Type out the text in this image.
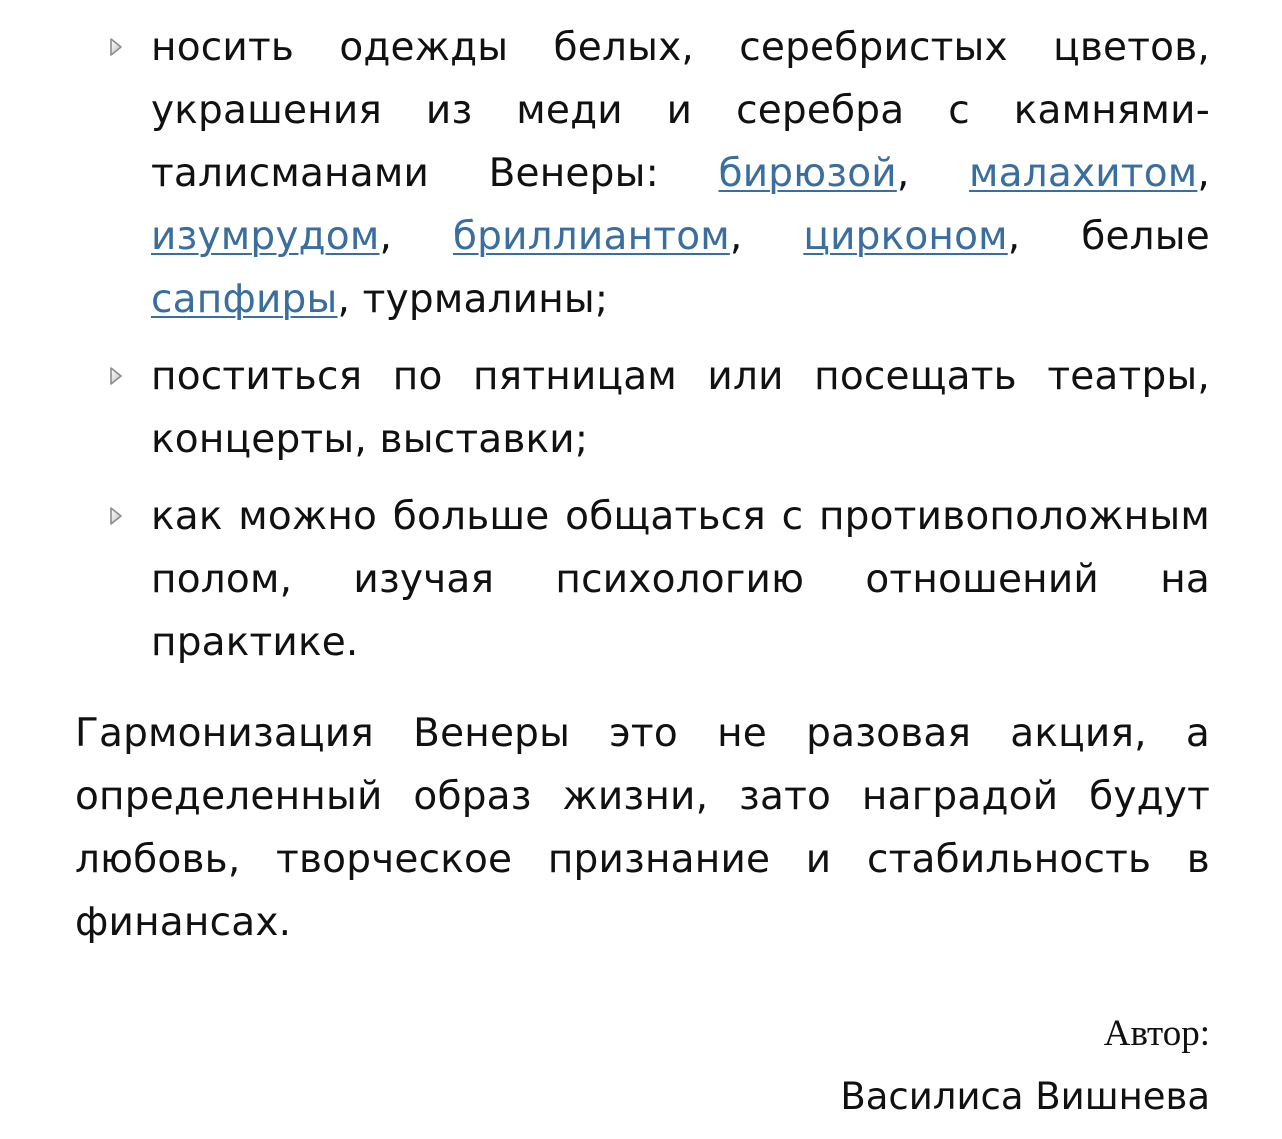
носить одежды белых, серебристых цветов, украшения из меди и серебра с камнями-талисманами Венеры: бирюзой, малахитом, изумрудом, бриллиантом, цирконом, белые сапфиры, турмалины;
поститься по пятницам или посещать театры, концерты, выставки;
как можно больше общаться с противоположным полом, изучая психологию отношений на практике.

Гармонизация Венеры это не разовая акция, а определенный образ жизни, зато наградой будут любовь, творческое признание и стабильность в финансах.

Автор:
Василиса Вишнева
